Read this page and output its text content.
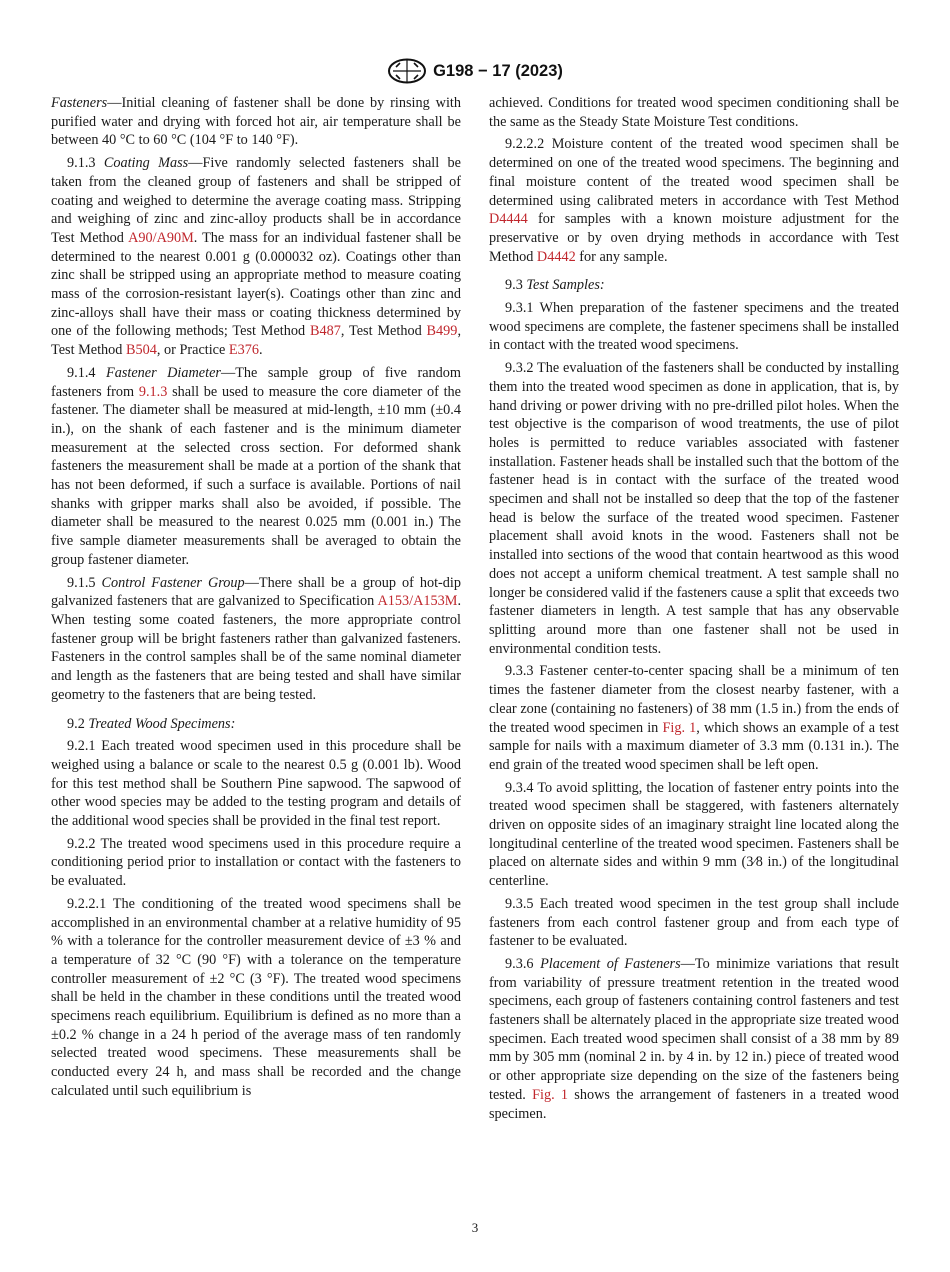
G198 − 17 (2023)

Fasteners—Initial cleaning of fastener shall be done by rinsing with purified water and drying with forced hot air, air temperature shall be between 40 °C to 60 °C (104 °F to 140 °F).

9.1.3 Coating Mass—Five randomly selected fasteners shall be taken from the cleaned group of fasteners and shall be stripped of coating and weighed to determine the average coating mass. Stripping and weighing of zinc and zinc-alloy products shall be in accordance Test Method A90/A90M. The mass for an individual fastener shall be determined to the nearest 0.001 g (0.000032 oz). Coatings other than zinc shall be stripped using an appropriate method to measure coating mass of the corrosion-resistant layer(s). Coatings other than zinc and zinc-alloys shall have their mass or coating thickness determined by one of the following methods; Test Method B487, Test Method B499, Test Method B504, or Practice E376.

9.1.4 Fastener Diameter—The sample group of five random fasteners from 9.1.3 shall be used to measure the core diameter of the fastener. The diameter shall be measured at mid-length, ±10 mm (±0.4 in.), on the shank of each fastener and is the minimum diameter measurement at the selected cross section. For deformed shank fasteners the measurement shall be made at a portion of the shank that has not been deformed, if such a surface is available. Portions of nail shanks with gripper marks shall also be avoided, if possible. The diameter shall be measured to the nearest 0.025 mm (0.001 in.) The five sample diameter measurements shall be averaged to obtain the group fastener diameter.

9.1.5 Control Fastener Group—There shall be a group of hot-dip galvanized fasteners that are galvanized to Specification A153/A153M. When testing some coated fasteners, the more appropriate control fastener group will be bright fasteners rather than galvanized fasteners. Fasteners in the control samples shall be of the same nominal diameter and length as the fasteners that are being tested and shall have similar geometry to the fasteners that are being tested.

9.2 Treated Wood Specimens:

9.2.1 Each treated wood specimen used in this procedure shall be weighed using a balance or scale to the nearest 0.5 g (0.001 lb). Wood for this test method shall be Southern Pine sapwood. The sapwood of other wood species may be added to the testing program and details of the additional wood species shall be provided in the final test report.

9.2.2 The treated wood specimens used in this procedure require a conditioning period prior to installation or contact with the fasteners to be evaluated.

9.2.2.1 The conditioning of the treated wood specimens shall be accomplished in an environmental chamber at a relative humidity of 95 % with a tolerance for the controller measurement device of ±3 % and a temperature of 32 °C (90 °F) with a tolerance on the temperature controller measurement of ±2 °C (3 °F). The treated wood specimens shall be held in the chamber in these conditions until the treated wood specimens reach equilibrium. Equilibrium is defined as no more than a ±0.2 % change in a 24 h period of the average mass of ten randomly selected treated wood specimens. These measurements shall be conducted every 24 h, and mass shall be recorded and the change calculated until such equilibrium is

achieved. Conditions for treated wood specimen conditioning shall be the same as the Steady State Moisture Test conditions.

9.2.2.2 Moisture content of the treated wood specimen shall be determined on one of the treated wood specimens. The beginning and final moisture content of the treated wood specimen shall be determined using calibrated meters in accordance with Test Method D4444 for samples with a known moisture adjustment for the preservative or by oven drying methods in accordance with Test Method D4442 for any sample.

9.3 Test Samples:

9.3.1 When preparation of the fastener specimens and the treated wood specimens are complete, the fastener specimens shall be installed in contact with the treated wood specimens.

9.3.2 The evaluation of the fasteners shall be conducted by installing them into the treated wood specimen as done in application, that is, by hand driving or power driving with no pre-drilled pilot holes. When the test objective is the comparison of wood treatments, the use of pilot holes is permitted to reduce variables associated with fastener installation. Fastener heads shall be installed such that the bottom of the fastener head is in contact with the surface of the treated wood specimen and shall not be installed so deep that the top of the fastener head is below the surface of the treated wood specimen. Fastener placement shall avoid knots in the wood. Fasteners shall not be installed into sections of the wood that contain heartwood as this wood does not accept a uniform chemical treatment. A test sample shall no longer be considered valid if the fasteners cause a split that exceeds two fastener diameters in length. A test sample that has any observable splitting around more than one fastener shall not be used in environmental condition tests.

9.3.3 Fastener center-to-center spacing shall be a minimum of ten times the fastener diameter from the closest nearby fastener, with a clear zone (containing no fasteners) of 38 mm (1.5 in.) from the ends of the treated wood specimen in Fig. 1, which shows an example of a test sample for nails with a maximum diameter of 3.3 mm (0.131 in.). The end grain of the treated wood specimen shall be left open.

9.3.4 To avoid splitting, the location of fastener entry points into the treated wood specimen shall be staggered, with fasteners alternately driven on opposite sides of an imaginary straight line located along the longitudinal centerline of the treated wood specimen. Fasteners shall be placed on alternate sides and within 9 mm (3⁄8 in.) of the longitudinal centerline.

9.3.5 Each treated wood specimen in the test group shall include fasteners from each control fastener group and from each type of fastener to be evaluated.

9.3.6 Placement of Fasteners—To minimize variations that result from variability of pressure treatment retention in the treated wood specimens, each group of fasteners containing control fasteners and test fasteners shall be alternately placed in the appropriate size treated wood specimen. Each treated wood specimen shall consist of a 38 mm by 89 mm by 305 mm (nominal 2 in. by 4 in. by 12 in.) piece of treated wood or other appropriate size depending on the size of the fasteners being tested. Fig. 1 shows the arrangement of fasteners in a treated wood specimen.

3
